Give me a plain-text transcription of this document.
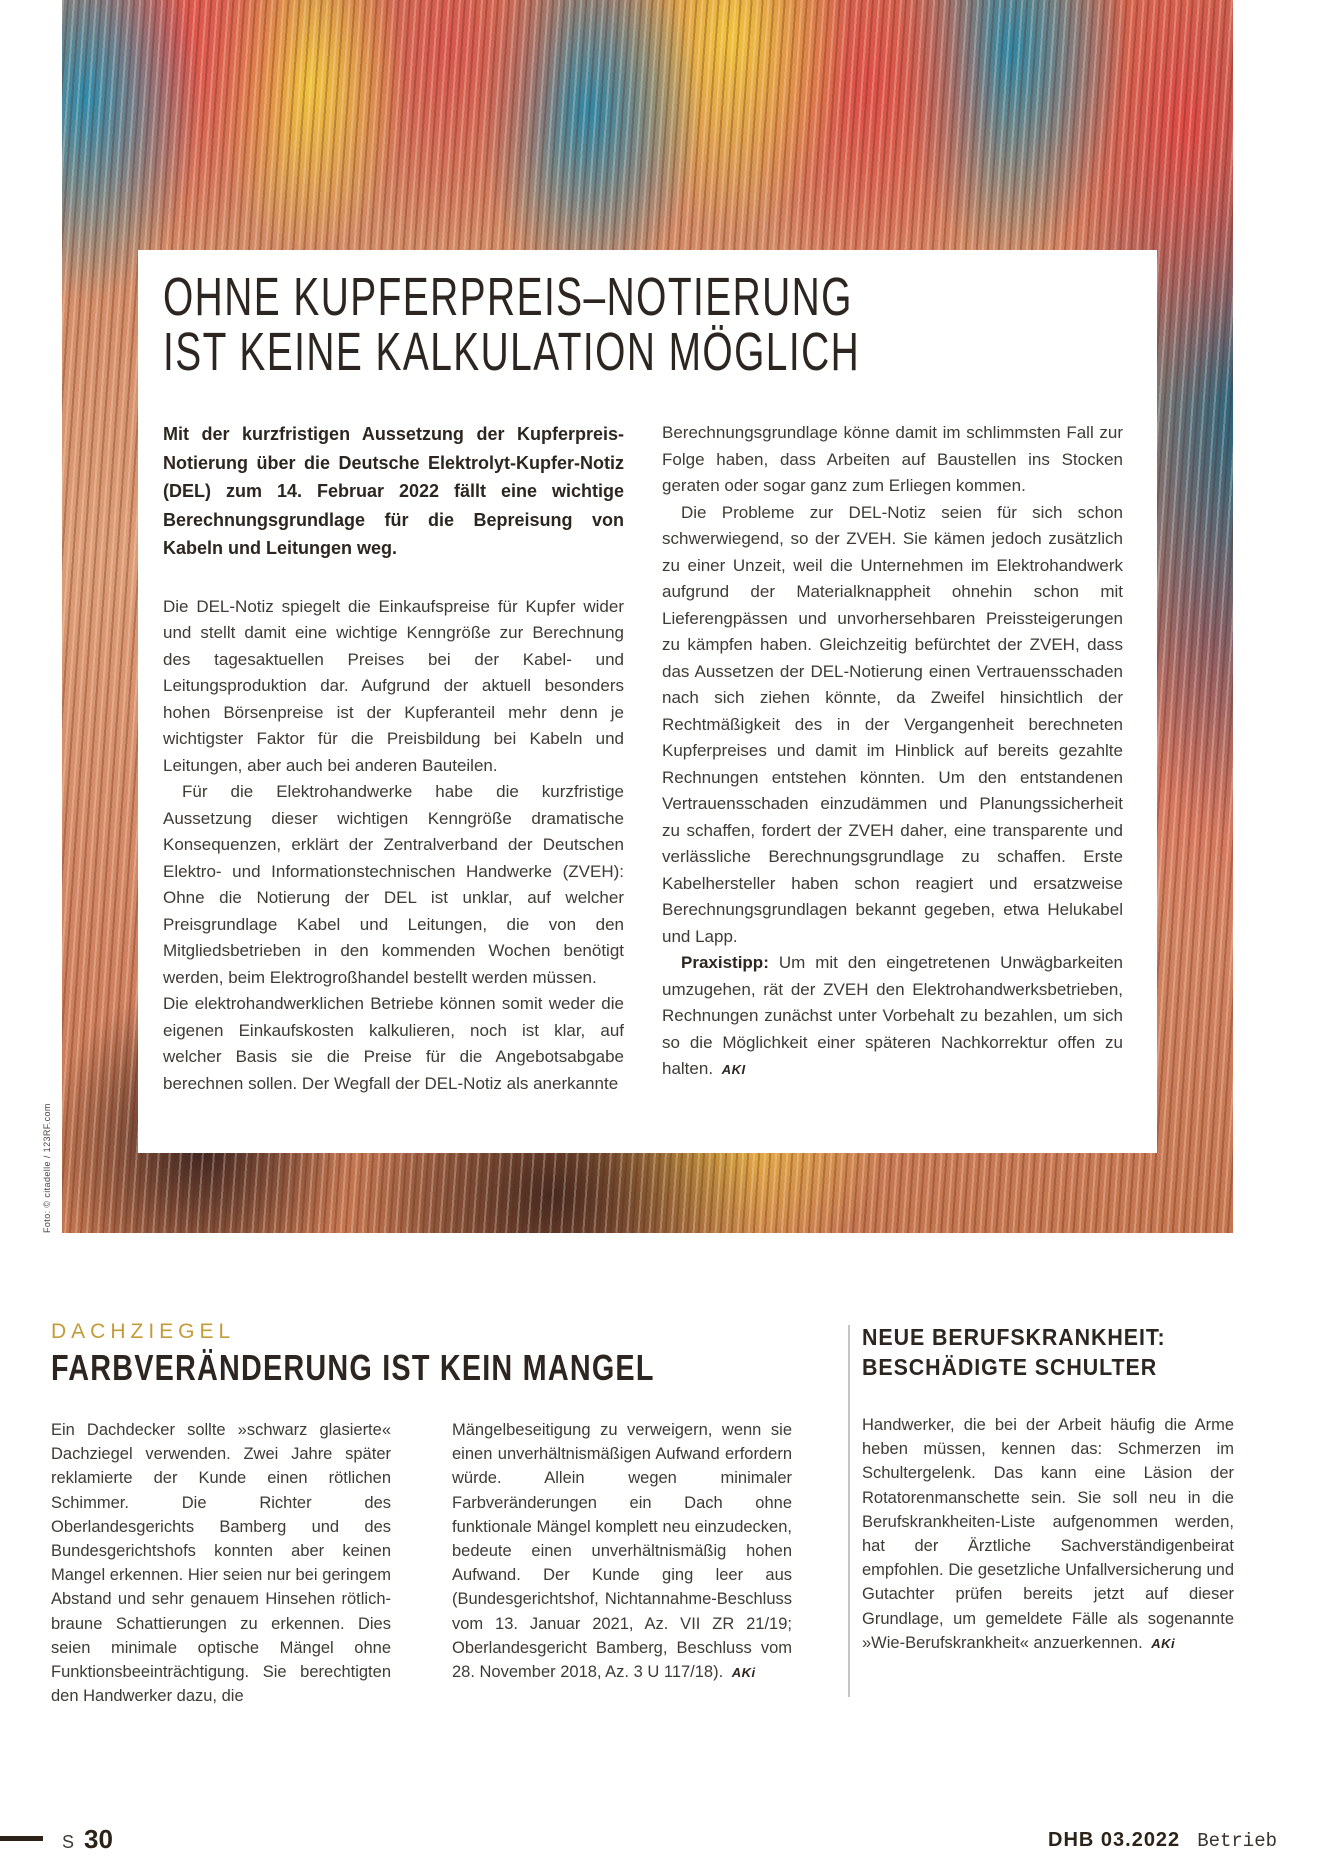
OHNE KUPFERPREIS–NOTIERUNG
IST KEINE KALKULATION MÖGLICH

Mit der kurzfristigen Aussetzung der Kupferpreis-Notierung über die Deutsche Elektrolyt-Kupfer-Notiz (DEL) zum 14. Februar 2022 fällt eine wichtige Berechnungsgrundlage für die Bepreisung von Kabeln und Leitungen weg.

Die DEL-Notiz spiegelt die Einkaufspreise für Kupfer wider und stellt damit eine wichtige Kenngröße zur Berechnung des tagesaktuellen Preises bei der Kabel- und Leitungsproduktion dar. Aufgrund der aktuell besonders hohen Börsenpreise ist der Kupferanteil mehr denn je wichtigster Faktor für die Preisbildung bei Kabeln und Leitungen, aber auch bei anderen Bauteilen.

Für die Elektrohandwerke habe die kurzfristige Aussetzung dieser wichtigen Kenngröße dramatische Konsequenzen, erklärt der Zentralverband der Deutschen Elektro- und Informationstechnischen Handwerke (ZVEH): Ohne die Notierung der DEL ist unklar, auf welcher Preisgrundlage Kabel und Leitungen, die von den Mitgliedsbetrieben in den kommenden Wochen benötigt werden, beim Elektrogroßhandel bestellt werden müssen.

Die elektrohandwerklichen Betriebe können somit weder die eigenen Einkaufskosten kalkulieren, noch ist klar, auf welcher Basis sie die Preise für die Angebotsabgabe berechnen sollen. Der Wegfall der DEL-Notiz als anerkannte

Berechnungsgrundlage könne damit im schlimmsten Fall zur Folge haben, dass Arbeiten auf Baustellen ins Stocken geraten oder sogar ganz zum Erliegen kommen.

Die Probleme zur DEL-Notiz seien für sich schon schwerwiegend, so der ZVEH. Sie kämen jedoch zusätzlich zu einer Unzeit, weil die Unternehmen im Elektrohandwerk aufgrund der Materialknappheit ohnehin schon mit Lieferengpässen und unvorhersehbaren Preissteigerungen zu kämpfen haben. Gleichzeitig befürchtet der ZVEH, dass das Aussetzen der DEL-Notierung einen Vertrauensschaden nach sich ziehen könnte, da Zweifel hinsichtlich der Rechtmäßigkeit des in der Vergangenheit berechneten Kupferpreises und damit im Hinblick auf bereits gezahlte Rechnungen entstehen könnten. Um den entstandenen Vertrauensschaden einzudämmen und Planungssicherheit zu schaffen, fordert der ZVEH daher, eine transparente und verlässliche Berechnungsgrundlage zu schaffen. Erste Kabelhersteller haben schon reagiert und ersatzweise Berechnungsgrundlagen bekannt gegeben, etwa Helukabel und Lapp.

Praxistipp: Um mit den eingetretenen Unwägbarkeiten umzugehen, rät der ZVEH den Elektrohandwerksbetrieben, Rechnungen zunächst unter Vorbehalt zu bezahlen, um sich so die Möglichkeit einer späteren Nachkorrektur offen zu halten. AKI

Foto: © citadelle / 123RF.com
DACHZIEGEL
FARBVERÄNDERUNG IST KEIN MANGEL

Ein Dachdecker sollte »schwarz glasierte« Dachziegel verwenden. Zwei Jahre später reklamierte der Kunde einen rötlichen Schimmer. Die Richter des Oberlandesgerichts Bamberg und des Bundesgerichtshofs konnten aber keinen Mangel erkennen. Hier seien nur bei geringem Abstand und sehr genauem Hinsehen rötlich-braune Schattierungen zu erkennen. Dies seien minimale optische Mängel ohne Funktionsbeeinträchtigung. Sie berechtigten den Handwerker dazu, die

Mängelbeseitigung zu verweigern, wenn sie einen unverhältnismäßigen Aufwand erfordern würde. Allein wegen minimaler Farbveränderungen ein Dach ohne funktionale Mängel komplett neu einzudecken, bedeute einen unverhältnismäßig hohen Aufwand. Der Kunde ging leer aus (Bundesgerichtshof, Nichtannahme-Beschluss vom 13. Januar 2021, Az. VII ZR 21/19; Oberlandesgericht Bamberg, Beschluss vom 28. November 2018, Az. 3 U 117/18). AKi

NEUE BERUFSKRANKHEIT:
BESCHÄDIGTE SCHULTER

Handwerker, die bei der Arbeit häufig die Arme heben müssen, kennen das: Schmerzen im Schultergelenk. Das kann eine Läsion der Rotatorenmanschette sein. Sie soll neu in die Berufskrankheiten-Liste aufgenommen werden, hat der Ärztliche Sachverständigenbeirat empfohlen. Die gesetzliche Unfallversicherung und Gutachter prüfen bereits jetzt auf dieser Grundlage, um gemeldete Fälle als sogenannte »Wie-Berufskrankheit« anzuerkennen. AKi

S 30	DHB 03.2022 Betrieb
